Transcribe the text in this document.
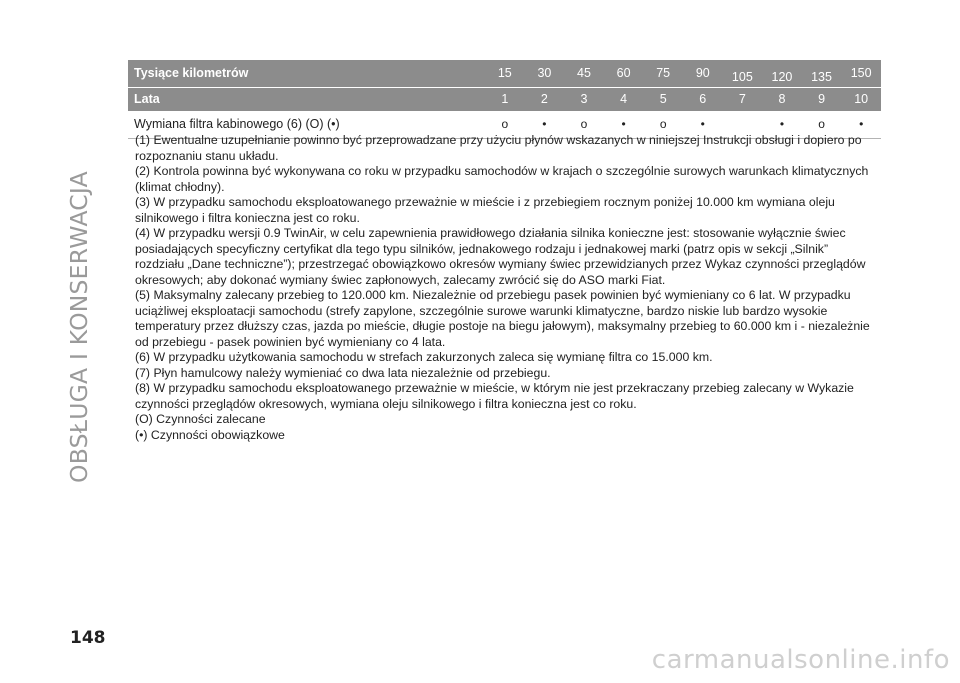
OBSŁUGA I KONSERWACJA
Tysiące kilometrów	15	30	45	60	75	90	105	120	135	150
Lata	1	2	3	4	5	6	7	8	9	10
Wymiana filtra kabinowego (6) (O) (•)	o	•	o	•	o	•		•	o	•

(1) Ewentualne uzupełnianie powinno być przeprowadzane przy użyciu płynów wskazanych w niniejszej Instrukcji obsługi i dopiero po rozpoznaniu stanu układu.

(2) Kontrola powinna być wykonywana co roku w przypadku samochodów w krajach o szczególnie surowych warunkach klimatycznych (klimat chłodny).

(3) W przypadku samochodu eksploatowanego przeważnie w mieście i z przebiegiem rocznym poniżej 10.000 km wymiana oleju silnikowego i filtra konieczna jest co roku.

(4) W przypadku wersji 0.9 TwinAir, w celu zapewnienia prawidłowego działania silnika konieczne jest: stosowanie wyłącznie świec posiadających specyficzny certyfikat dla tego typu silników, jednakowego rodzaju i jednakowej marki (patrz opis w sekcji „Silnik” rozdziału „Dane techniczne”); przestrzegać obowiązkowo okresów wymiany świec przewidzianych przez Wykaz czynności przeglądów okresowych; aby dokonać wymiany świec zapłonowych, zalecamy zwrócić się do ASO marki Fiat.

(5) Maksymalny zalecany przebieg to 120.000 km. Niezależnie od przebiegu pasek powinien być wymieniany co 6 lat. W przypadku uciążliwej eksploatacji samochodu (strefy zapylone, szczególnie surowe warunki klimatyczne, bardzo niskie lub bardzo wysokie temperatury przez dłuższy czas, jazda po mieście, długie postoje na biegu jałowym), maksymalny przebieg to 60.000 km i - niezależnie od przebiegu - pasek powinien być wymieniany co 4 lata.

(6) W przypadku użytkowania samochodu w strefach zakurzonych zaleca się wymianę filtra co 15.000 km.

(7) Płyn hamulcowy należy wymieniać co dwa lata niezależnie od przebiegu.

(8) W przypadku samochodu eksploatowanego przeważnie w mieście, w którym nie jest przekraczany przebieg zalecany w Wykazie czynności przeglądów okresowych, wymiana oleju silnikowego i filtra konieczna jest co roku.

(O) Czynności zalecane

(•) Czynności obowiązkowe

148
carmanualsonline.info
